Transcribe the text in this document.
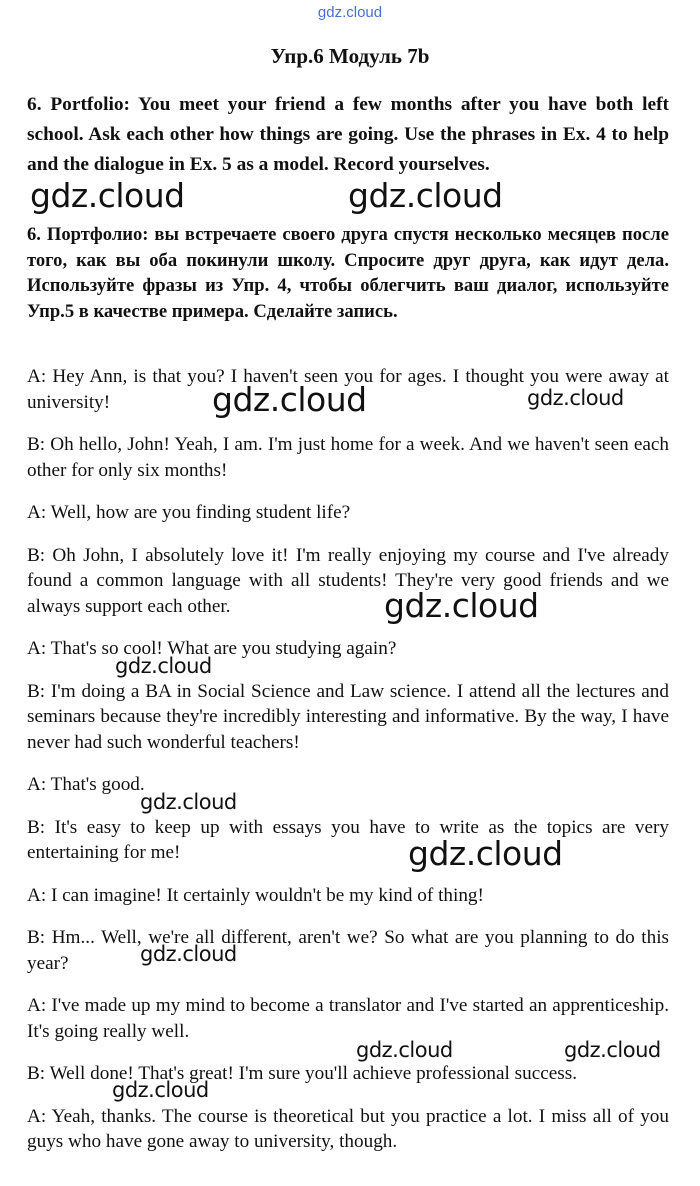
gdz.cloud
Упр.6 Модуль 7b

6. Portfolio: You meet your friend a few months after you have both left school. Ask each other how things are going. Use the phrases in Ex. 4 to help and the dialogue in Ex. 5 as a model. Record yourselves.

6. Портфолио: вы встречаете своего друга спустя несколько месяцев после того, как вы оба покинули школу. Спросите друг друга, как идут дела. Используйте фразы из Упр. 4, чтобы облегчить ваш диалог, используйте Упр.5 в качестве примера. Сделайте запись.

A: Hey Ann, is that you? I haven't seen you for ages. I thought you were away at university!

B: Oh hello, John! Yeah, I am. I'm just home for a week. And we haven't seen each other for only six months!

A: Well, how are you finding student life?

B: Oh John, I absolutely love it! I'm really enjoying my course and I've already found a common language with all students! They're very good friends and we always support each other.

A: That's so cool! What are you studying again?

B: I'm doing a BA in Social Science and Law science. I attend all the lectures and seminars because they're incredibly interesting and informative. By the way, I have never had such wonderful teachers!

A: That's good.

B: It's easy to keep up with essays you have to write as the topics are very entertaining for me!

A: I can imagine! It certainly wouldn't be my kind of thing!

B: Hm... Well, we're all different, aren't we? So what are you planning to do this year?

A: I've made up my mind to become a translator and I've started an apprenticeship. It's going really well.

B: Well done! That's great! I'm sure you'll achieve professional success.

A: Yeah, thanks. The course is theoretical but you practice a lot. I miss all of you guys who have gone away to university, though.

gdz.cloud	gdz.cloud
gdz.cloud	gdz.cloud
gdz.cloud
gdz.cloud
gdz.cloud
gdz.cloud
gdz.cloud
gdz.cloud	gdz.cloud
gdz.cloud
